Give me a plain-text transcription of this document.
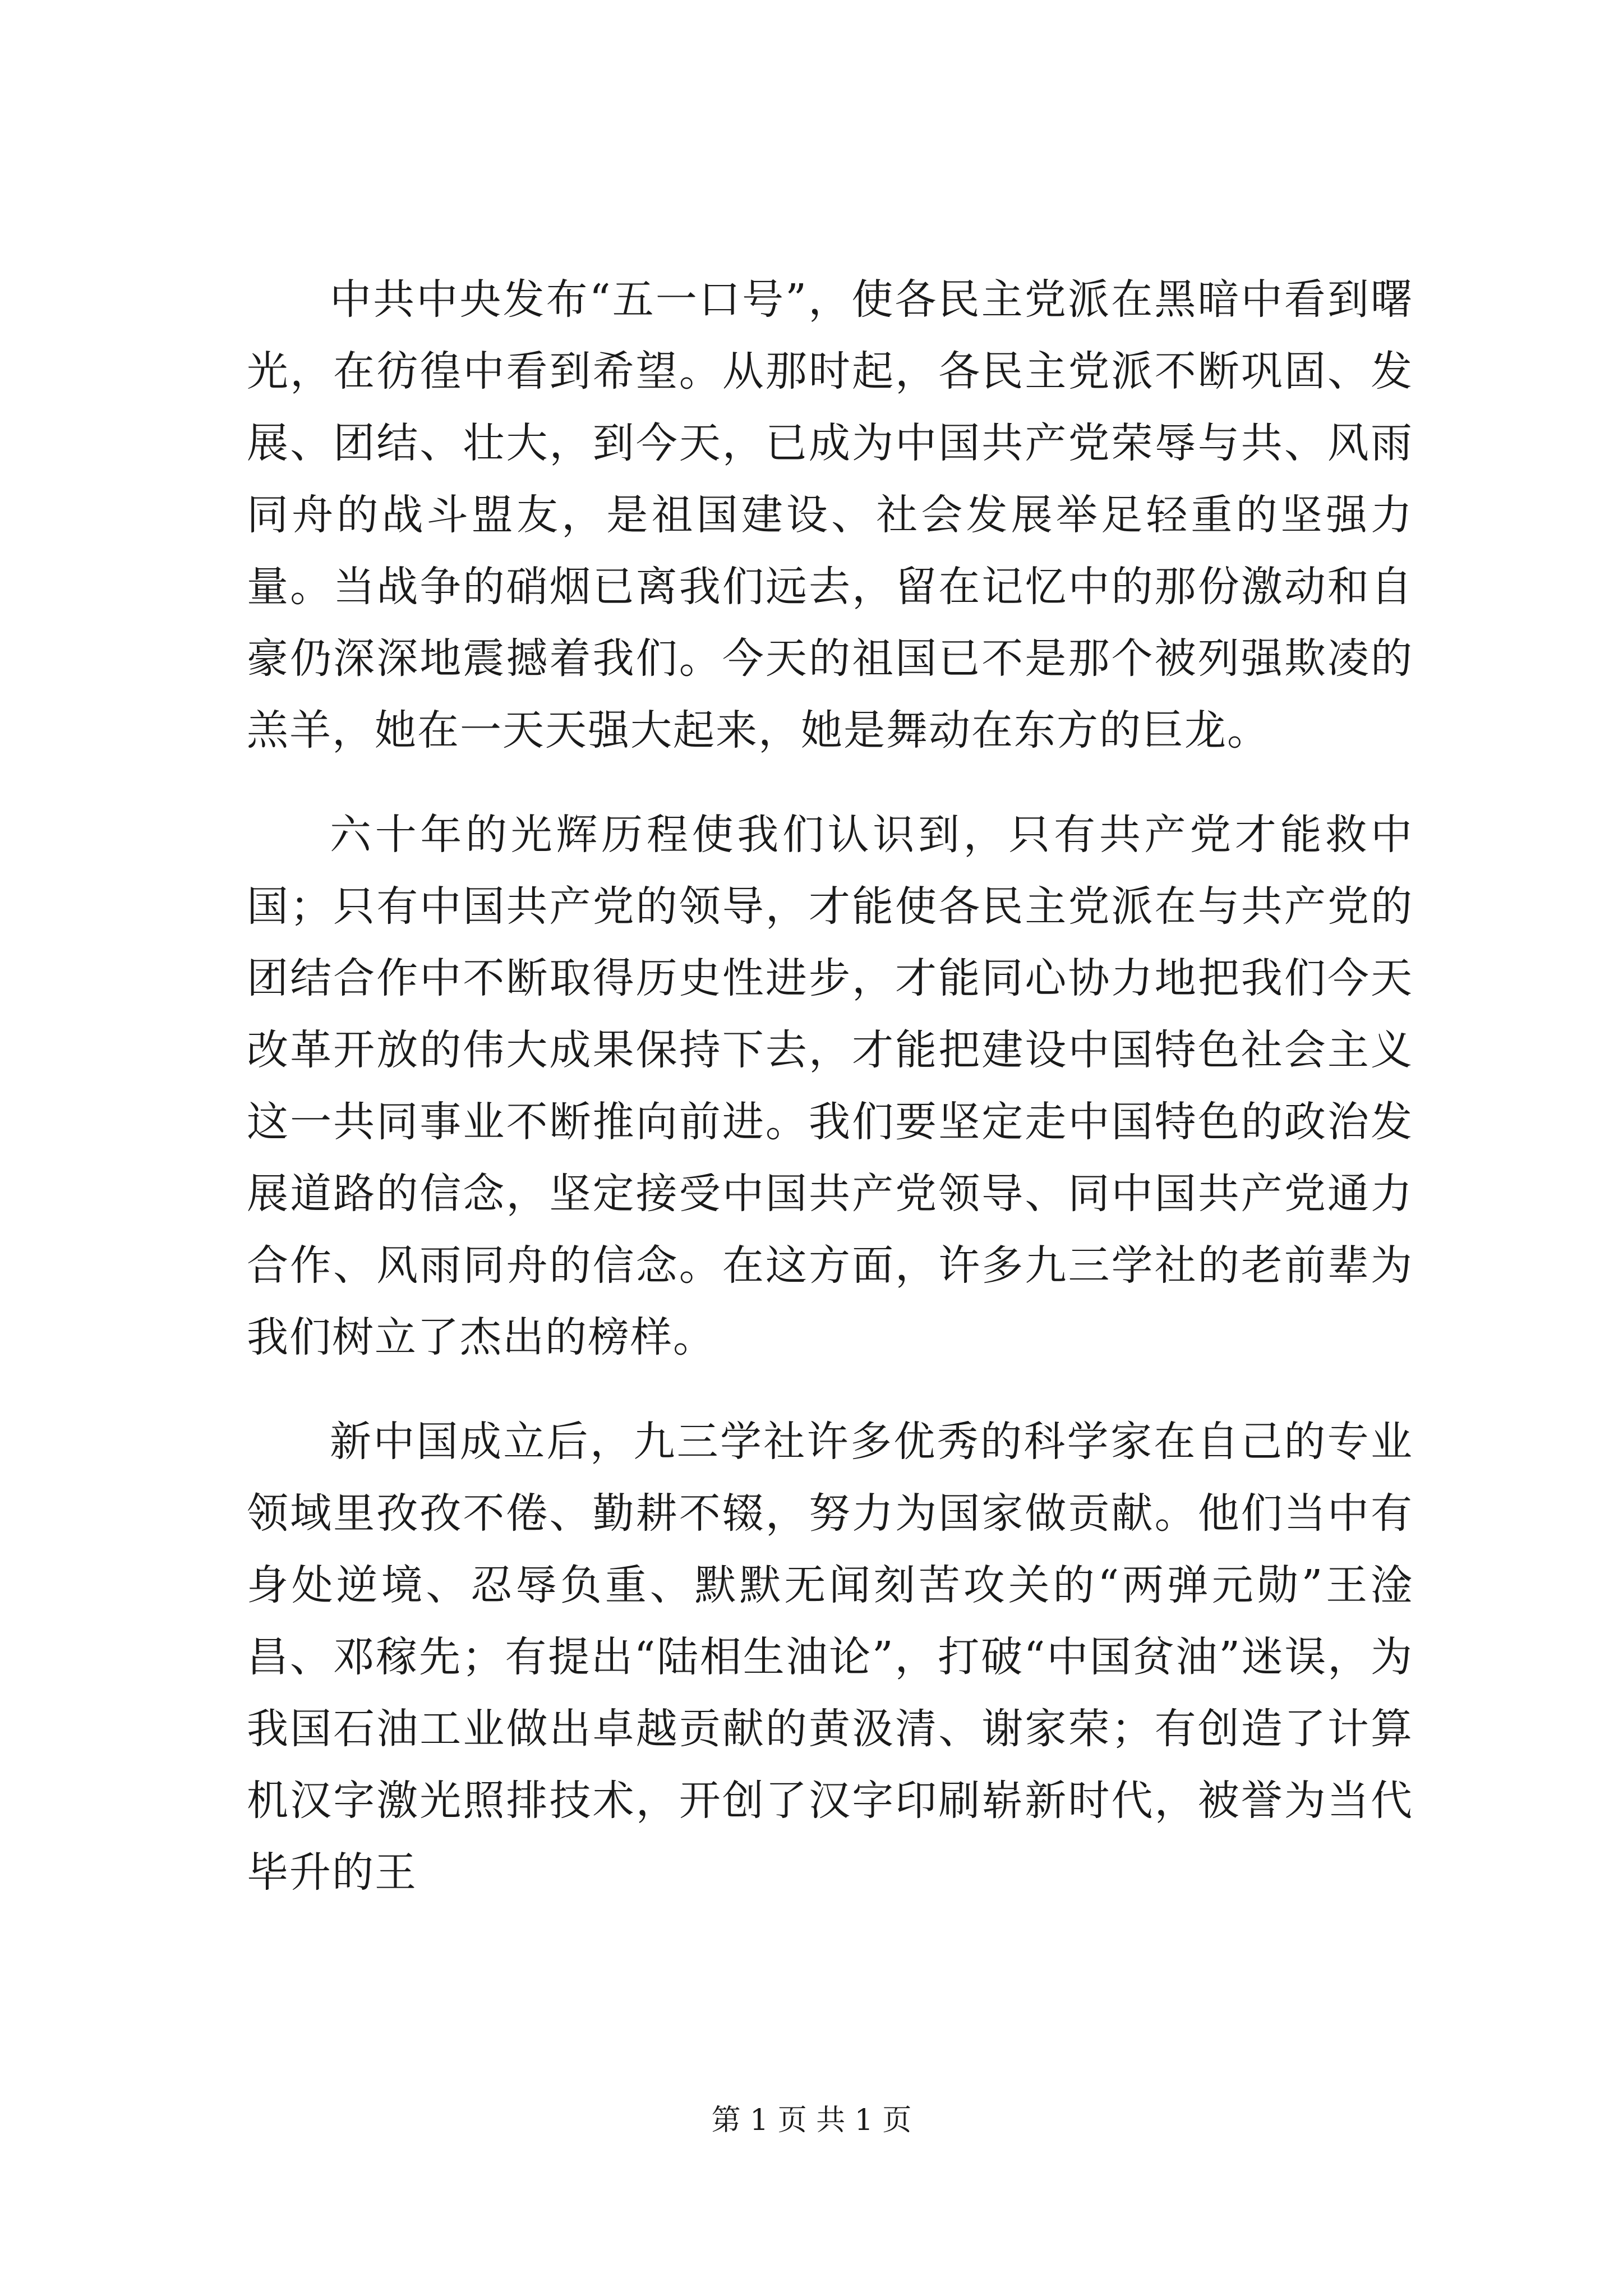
中共中央发布“五一口号”，使各民主党派在黑暗中看到曙光，在彷徨中看到希望。从那时起，各民主党派不断巩固、发展、团结、壮大，到今天，已成为中国共产党荣辱与共、风雨同舟的战斗盟友，是祖国建设、社会发展举足轻重的坚强力量。当战争的硝烟已离我们远去，留在记忆中的那份激动和自豪仍深深地震撼着我们。今天的祖国已不是那个被列强欺凌的羔羊，她在一天天强大起来，她是舞动在东方的巨龙。

六十年的光辉历程使我们认识到，只有共产党才能救中国；只有中国共产党的领导，才能使各民主党派在与共产党的团结合作中不断取得历史性进步，才能同心协力地把我们今天改革开放的伟大成果保持下去，才能把建设中国特色社会主义这一共同事业不断推向前进。我们要坚定走中国特色的政治发展道路的信念，坚定接受中国共产党领导、同中国共产党通力合作、风雨同舟的信念。在这方面，许多九三学社的老前辈为我们树立了杰出的榜样。

新中国成立后，九三学社许多优秀的科学家在自己的专业领域里孜孜不倦、勤耕不辍，努力为国家做贡献。他们当中有身处逆境、忍辱负重、默默无闻刻苦攻关的“两弹元勋”王淦昌、邓稼先；有提出“陆相生油论”，打破“中国贫油”迷误，为我国石油工业做出卓越贡献的黄汲清、谢家荣；有创造了计算机汉字激光照排技术，开创了汉字印刷崭新时代，被誉为当代毕升的王

第 1 页 共 1 页
